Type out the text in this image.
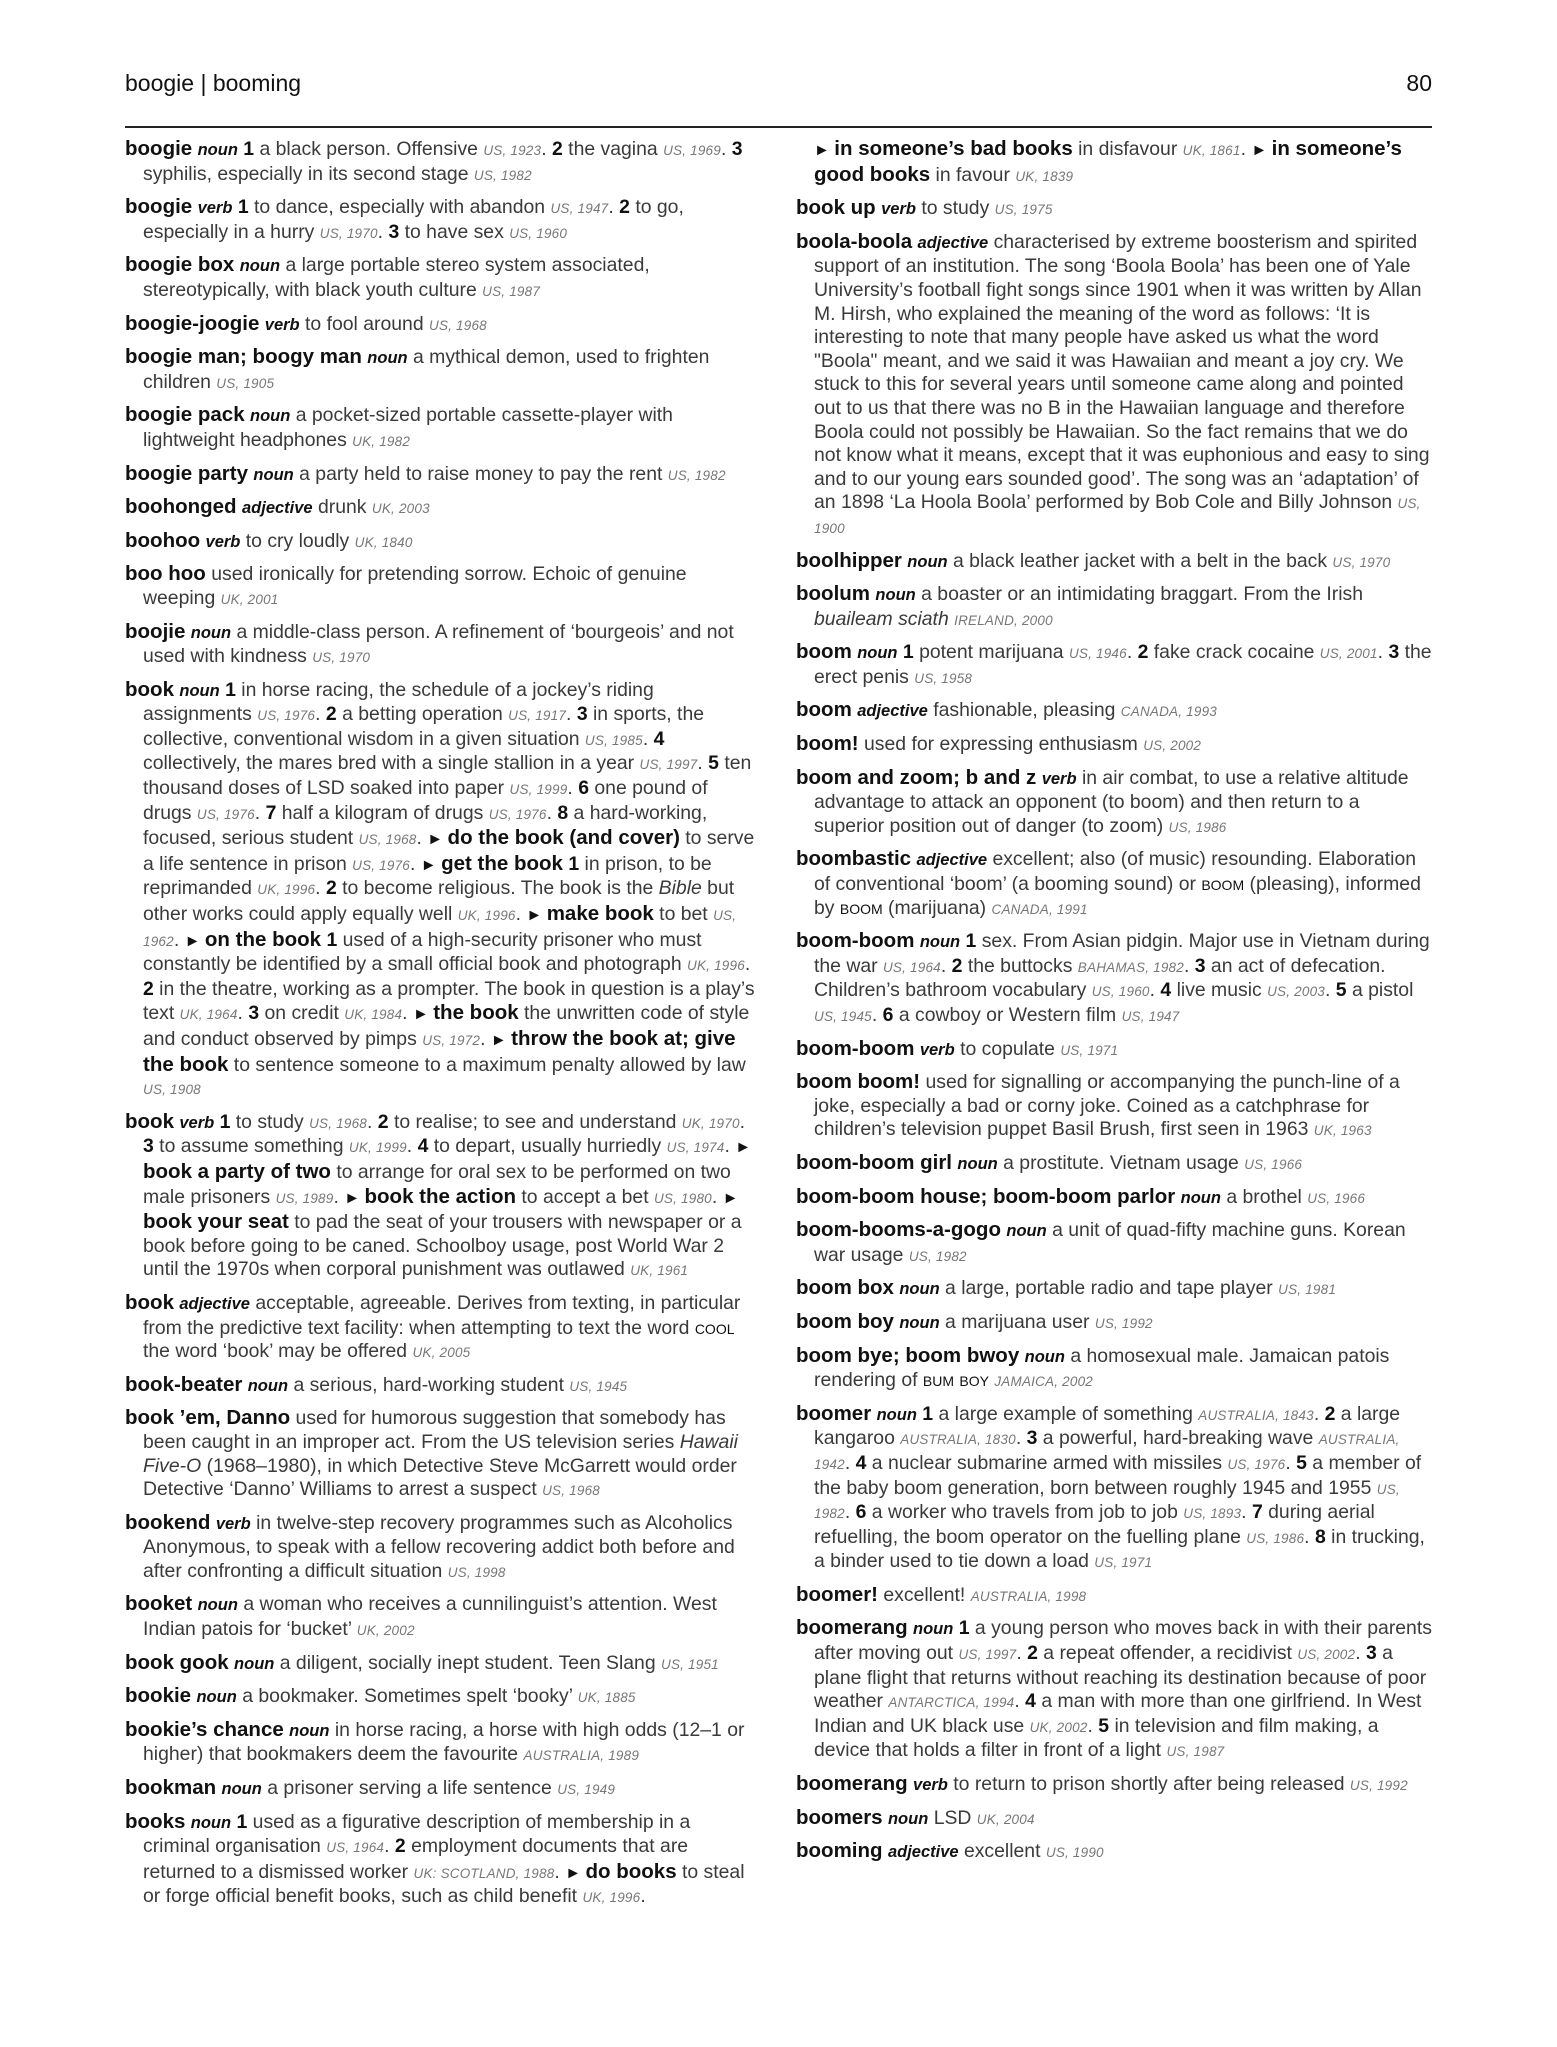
boogie | booming	80

boogie noun 1 a black person. Offensive US, 1923. 2 the vagina US, 1969. 3 syphilis, especially in its second stage US, 1982

boogie verb 1 to dance, especially with abandon US, 1947. 2 to go, especially in a hurry US, 1970. 3 to have sex US, 1960

boogie box noun a large portable stereo system associated, stereotypically, with black youth culture US, 1987

boogie-joogie verb to fool around US, 1968

boogie man; boogy man noun a mythical demon, used to frighten children US, 1905

boogie pack noun a pocket-sized portable cassette-player with lightweight headphones UK, 1982

boogie party noun a party held to raise money to pay the rent US, 1982

boohonged adjective drunk UK, 2003

boohoo verb to cry loudly UK, 1840

boo hoo used ironically for pretending sorrow. Echoic of genuine weeping UK, 2001

boojie noun a middle-class person. A refinement of ‘bourgeois’ and not used with kindness US, 1970

book noun 1 in horse racing, the schedule of a jockey’s riding assignments US, 1976. 2 a betting operation US, 1917. 3 in sports, the collective, conventional wisdom in a given situation US, 1985. 4 collectively, the mares bred with a single stallion in a year US, 1997. 5 ten thousand doses of LSD soaked into paper US, 1999. 6 one pound of drugs US, 1976. 7 half a kilogram of drugs US, 1976. 8 a hard-working, focused, serious student US, 1968. ► do the book (and cover) to serve a life sentence in prison US, 1976. ► get the book 1 in prison, to be reprimanded UK, 1996. 2 to become religious. The book is the Bible but other works could apply equally well UK, 1996. ► make book to bet US, 1962. ► on the book 1 used of a high-security prisoner who must constantly be identified by a small official book and photograph UK, 1996. 2 in the theatre, working as a prompter. The book in question is a play’s text UK, 1964. 3 on credit UK, 1984. ► the book the unwritten code of style and conduct observed by pimps US, 1972. ► throw the book at; give the book to sentence someone to a maximum penalty allowed by law US, 1908

book verb 1 to study US, 1968. 2 to realise; to see and understand UK, 1970. 3 to assume something UK, 1999. 4 to depart, usually hurriedly US, 1974. ► book a party of two to arrange for oral sex to be performed on two male prisoners US, 1989. ► book the action to accept a bet US, 1980. ► book your seat to pad the seat of your trousers with newspaper or a book before going to be caned. Schoolboy usage, post World War 2 until the 1970s when corporal punishment was outlawed UK, 1961

book adjective acceptable, agreeable. Derives from texting, in particular from the predictive text facility: when attempting to text the word cool the word ‘book’ may be offered UK, 2005

book-beater noun a serious, hard-working student US, 1945

book ’em, Danno used for humorous suggestion that somebody has been caught in an improper act. From the US television series Hawaii Five-O (1968–1980), in which Detective Steve McGarrett would order Detective ‘Danno’ Williams to arrest a suspect US, 1968

bookend verb in twelve-step recovery programmes such as Alcoholics Anonymous, to speak with a fellow recovering addict both before and after confronting a difficult situation US, 1998

booket noun a woman who receives a cunnilinguist’s attention. West Indian patois for ‘bucket’ UK, 2002

book gook noun a diligent, socially inept student. Teen Slang US, 1951

bookie noun a bookmaker. Sometimes spelt ‘booky’ UK, 1885

bookie’s chance noun in horse racing, a horse with high odds (12–1 or higher) that bookmakers deem the favourite AUSTRALIA, 1989

bookman noun a prisoner serving a life sentence US, 1949

books noun 1 used as a figurative description of membership in a criminal organisation US, 1964. 2 employment documents that are returned to a dismissed worker UK: SCOTLAND, 1988. ► do books to steal or forge official benefit books, such as child benefit UK, 1996.

► in someone’s bad books in disfavour UK, 1861. ► in someone’s good books in favour UK, 1839

book up verb to study US, 1975

boola-boola adjective characterised by extreme boosterism and spirited support of an institution. The song ‘Boola Boola’ has been one of Yale University’s football fight songs since 1901 when it was written by Allan M. Hirsh, who explained the meaning of the word as follows: ‘It is interesting to note that many people have asked us what the word "Boola" meant, and we said it was Hawaiian and meant a joy cry. We stuck to this for several years until someone came along and pointed out to us that there was no B in the Hawaiian language and therefore Boola could not possibly be Hawaiian. So the fact remains that we do not know what it means, except that it was euphonious and easy to sing and to our young ears sounded good’. The song was an ‘adaptation’ of an 1898 ‘La Hoola Boola’ performed by Bob Cole and Billy Johnson US, 1900

boolhipper noun a black leather jacket with a belt in the back US, 1970

boolum noun a boaster or an intimidating braggart. From the Irish buaileam sciath IRELAND, 2000

boom noun 1 potent marijuana US, 1946. 2 fake crack cocaine US, 2001. 3 the erect penis US, 1958

boom adjective fashionable, pleasing CANADA, 1993

boom! used for expressing enthusiasm US, 2002

boom and zoom; b and z verb in air combat, to use a relative altitude advantage to attack an opponent (to boom) and then return to a superior position out of danger (to zoom) US, 1986

boombastic adjective excellent; also (of music) resounding. Elaboration of conventional ‘boom’ (a booming sound) or boom (pleasing), informed by boom (marijuana) CANADA, 1991

boom-boom noun 1 sex. From Asian pidgin. Major use in Vietnam during the war US, 1964. 2 the buttocks BAHAMAS, 1982. 3 an act of defecation. Children’s bathroom vocabulary US, 1960. 4 live music US, 2003. 5 a pistol US, 1945. 6 a cowboy or Western film US, 1947

boom-boom verb to copulate US, 1971

boom boom! used for signalling or accompanying the punch-line of a joke, especially a bad or corny joke. Coined as a catchphrase for children’s television puppet Basil Brush, first seen in 1963 UK, 1963

boom-boom girl noun a prostitute. Vietnam usage US, 1966

boom-boom house; boom-boom parlor noun a brothel US, 1966

boom-booms-a-gogo noun a unit of quad-fifty machine guns. Korean war usage US, 1982

boom box noun a large, portable radio and tape player US, 1981

boom boy noun a marijuana user US, 1992

boom bye; boom bwoy noun a homosexual male. Jamaican patois rendering of bum boy JAMAICA, 2002

boomer noun 1 a large example of something AUSTRALIA, 1843. 2 a large kangaroo AUSTRALIA, 1830. 3 a powerful, hard-breaking wave AUSTRALIA, 1942. 4 a nuclear submarine armed with missiles US, 1976. 5 a member of the baby boom generation, born between roughly 1945 and 1955 US, 1982. 6 a worker who travels from job to job US, 1893. 7 during aerial refuelling, the boom operator on the fuelling plane US, 1986. 8 in trucking, a binder used to tie down a load US, 1971

boomer! excellent! AUSTRALIA, 1998

boomerang noun 1 a young person who moves back in with their parents after moving out US, 1997. 2 a repeat offender, a recidivist US, 2002. 3 a plane flight that returns without reaching its destination because of poor weather ANTARCTICA, 1994. 4 a man with more than one girlfriend. In West Indian and UK black use UK, 2002. 5 in television and film making, a device that holds a filter in front of a light US, 1987

boomerang verb to return to prison shortly after being released US, 1992

boomers noun LSD UK, 2004

booming adjective excellent US, 1990
